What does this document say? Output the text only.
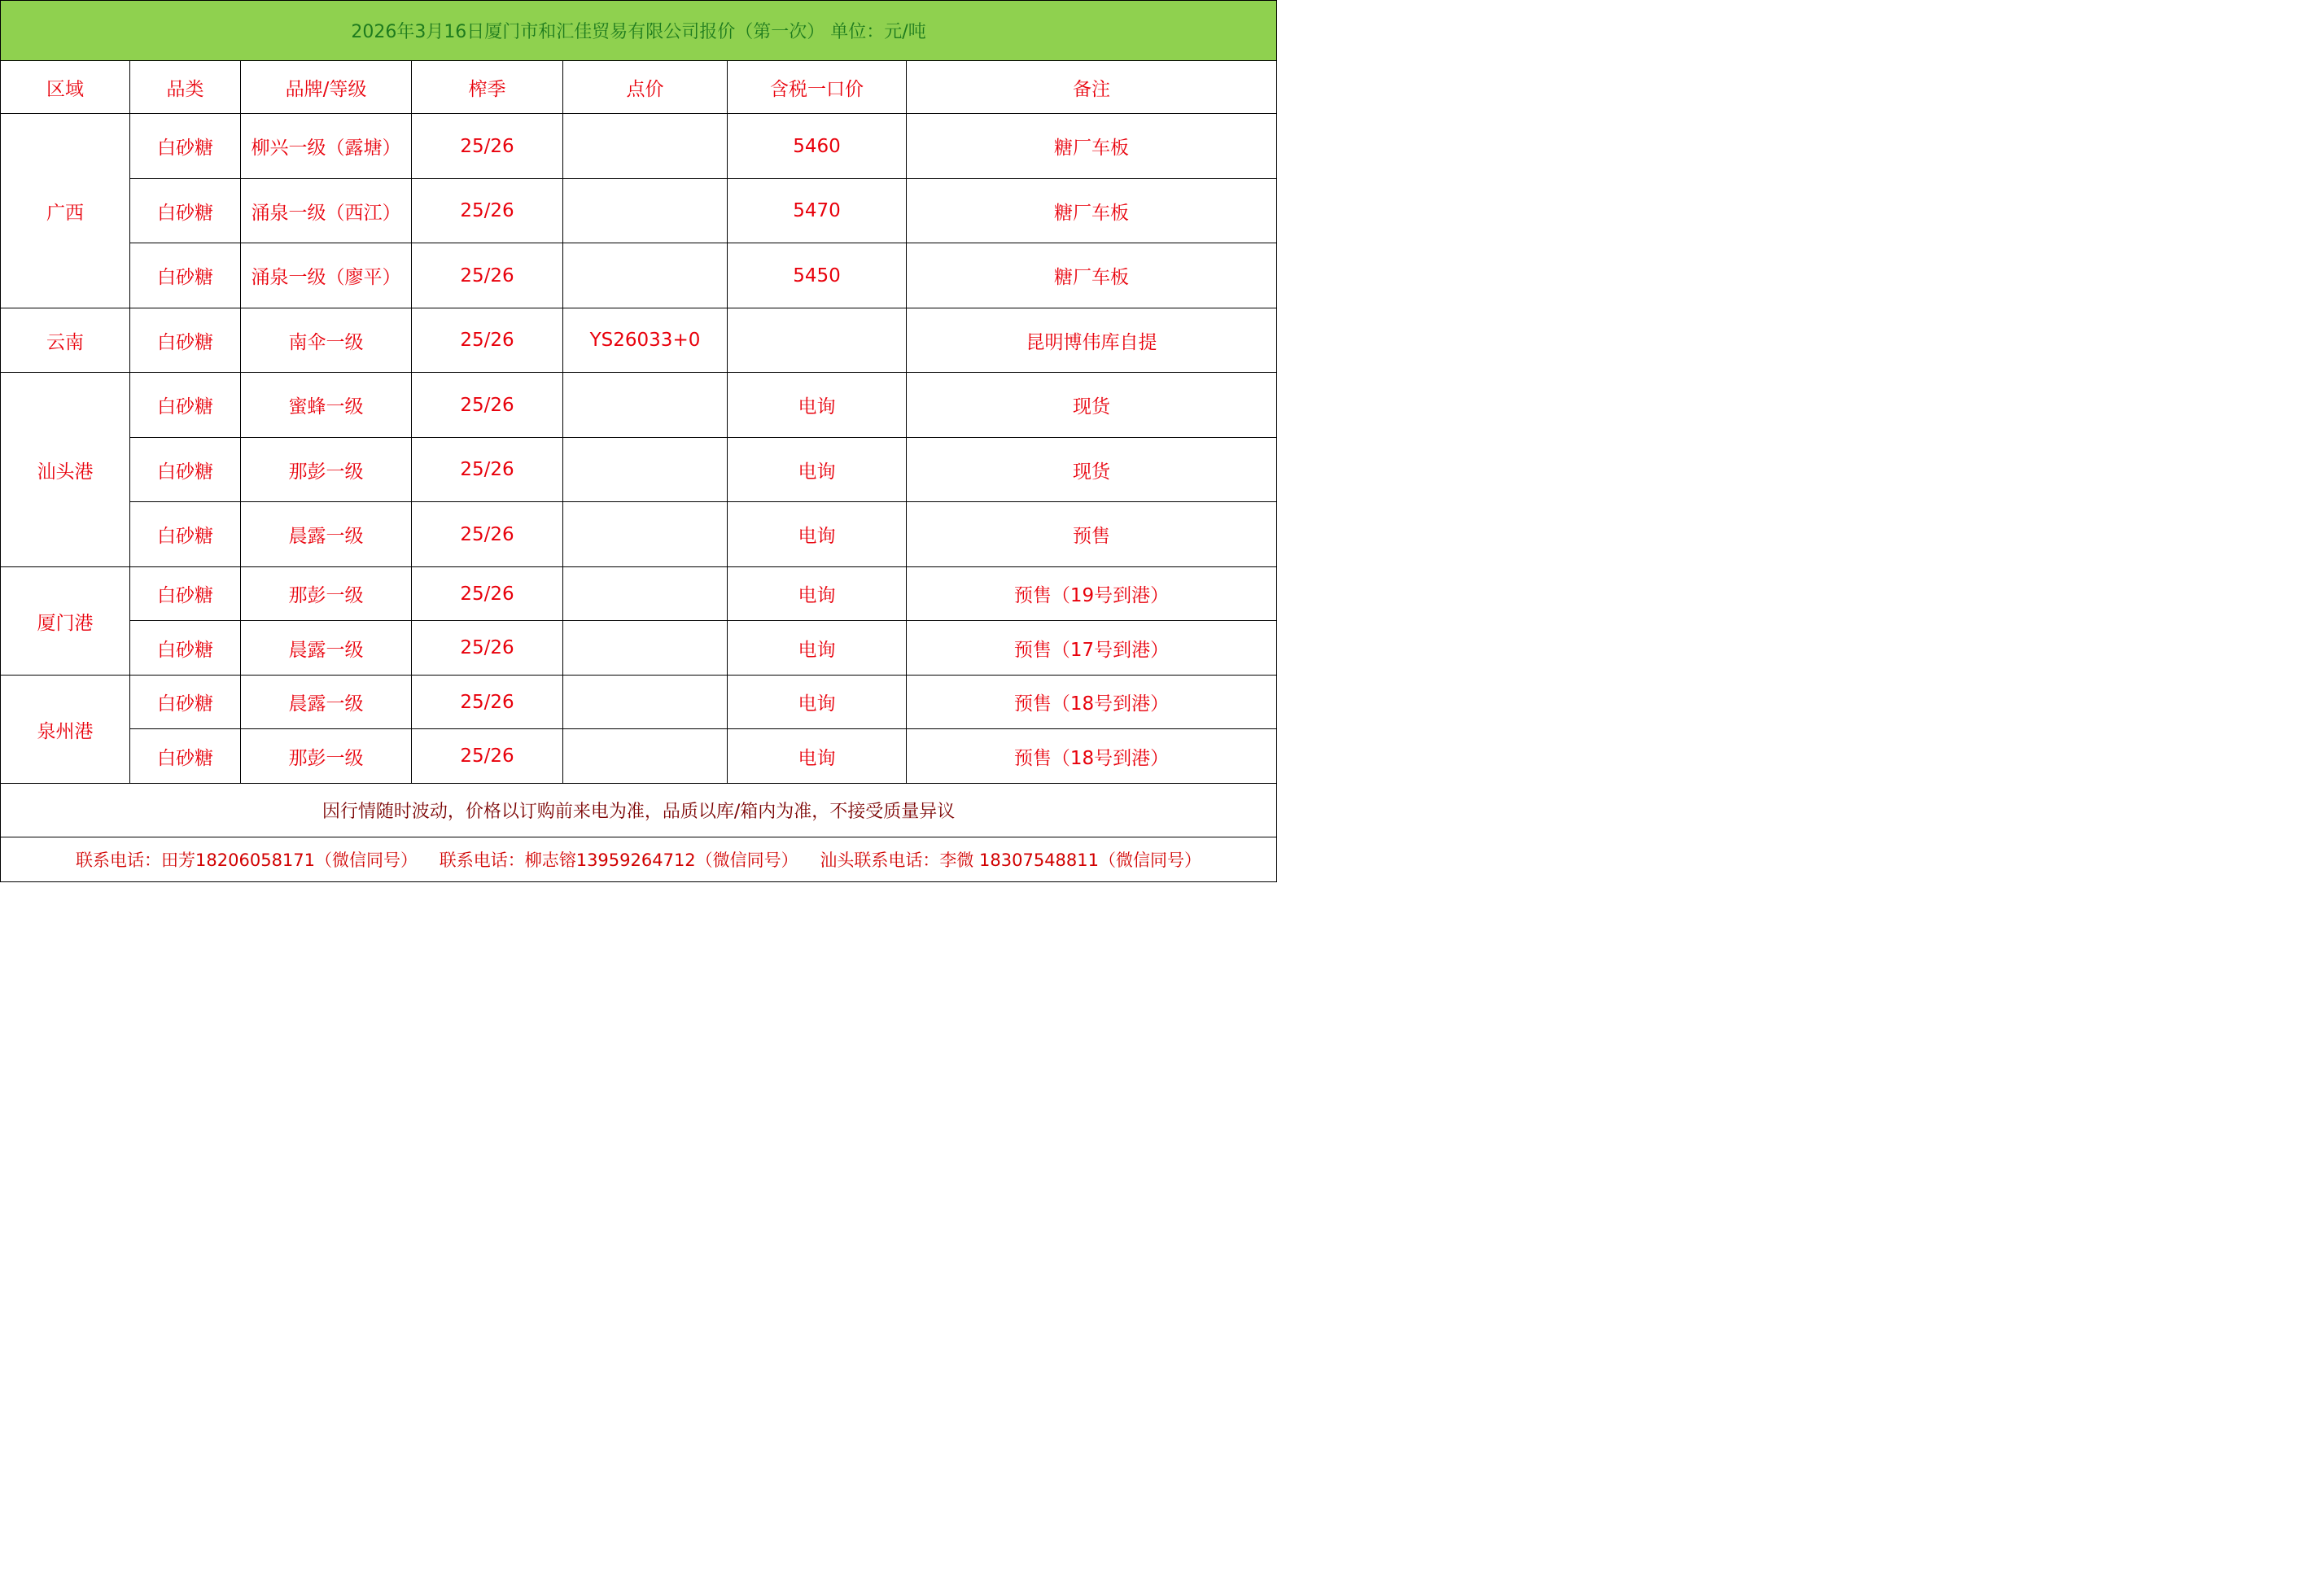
2026年3月16日厦门市和汇佳贸易有限公司报价（第一次） 单位：元/吨						
区域	品类	品牌/等级	榨季	点价	含税一口价	备注
广西	白砂糖	柳兴一级（露塘）	25/26		5460	糖厂车板
	白砂糖	涌泉一级（西江）	25/26		5470	糖厂车板
	白砂糖	涌泉一级（廖平）	25/26		5450	糖厂车板
云南	白砂糖	南伞一级	25/26	YS26033+0		昆明博伟库自提
汕头港	白砂糖	蜜蜂一级	25/26		电询	现货
	白砂糖	那彭一级	25/26		电询	现货
	白砂糖	晨露一级	25/26		电询	预售
厦门港	白砂糖	那彭一级	25/26		电询	预售（19号到港）
	白砂糖	晨露一级	25/26		电询	预售（17号到港）
泉州港	白砂糖	晨露一级	25/26		电询	预售（18号到港）
	白砂糖	那彭一级	25/26		电询	预售（18号到港）
因行情随时波动，价格以订购前来电为准，品质以库/箱内为准，不接受质量异议						
联系电话：田芳18206058171（微信同号） 联系电话：柳志镕13959264712（微信同号） 汕头联系电话：李微 18307548811（微信同号）						
